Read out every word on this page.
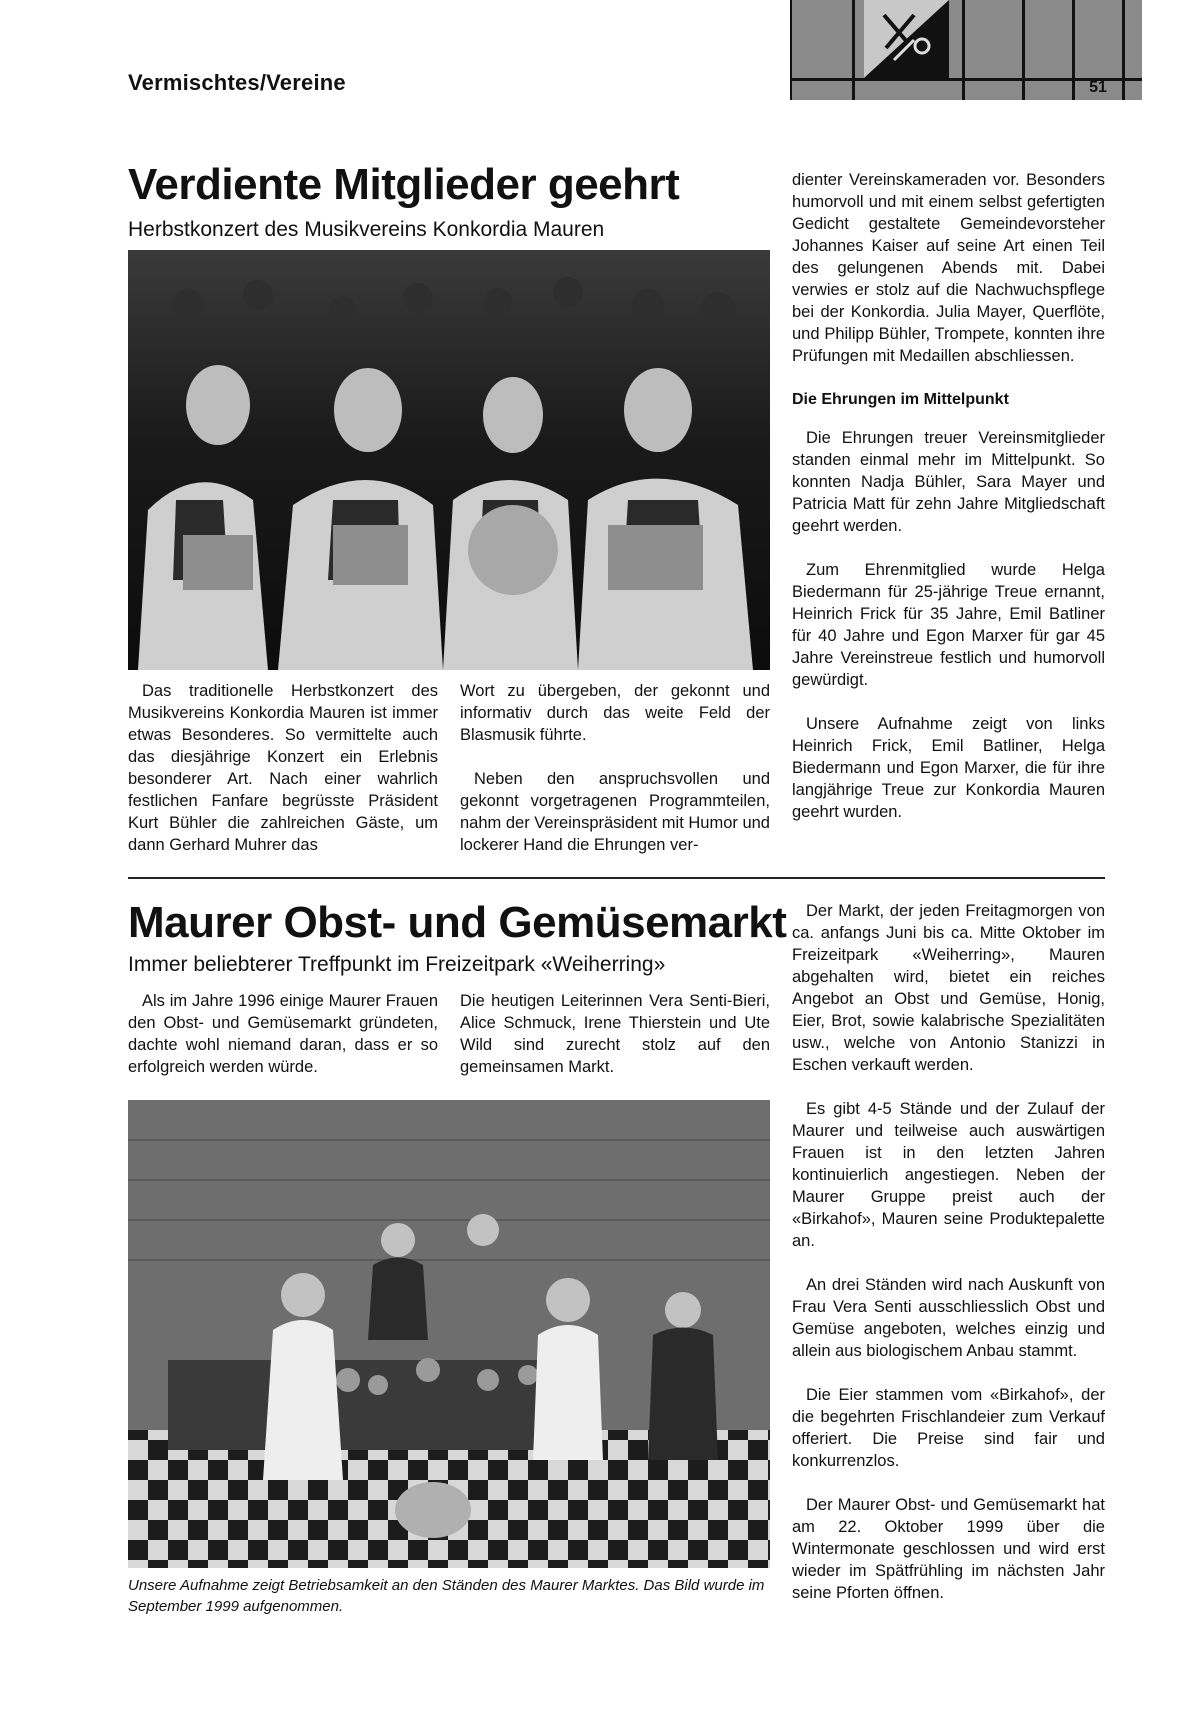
Vermischtes/Vereine	51
Verdiente Mitglieder geehrt

Herbstkonzert des Musikvereins Konkordia Mauren

Das traditionelle Herbstkonzert des Musikvereins Konkordia Mauren ist immer etwas Besonderes. So vermittelte auch das diesjährige Konzert ein Erlebnis besonderer Art. Nach einer wahrlich festlichen Fanfare begrüsste Präsident Kurt Bühler die zahlreichen Gäste, um dann Gerhard Muhrer das

Wort zu übergeben, der gekonnt und informativ durch das weite Feld der Blasmusik führte.

Neben den anspruchsvollen und gekonnt vorgetragenen Programmteilen, nahm der Vereinspräsident mit Humor und lockerer Hand die Ehrungen ver-

dienter Vereinskameraden vor. Besonders humorvoll und mit einem selbst gefertigten Gedicht gestaltete Gemeindevorsteher Johannes Kaiser auf seine Art einen Teil des gelungenen Abends mit. Dabei verwies er stolz auf die Nachwuchspflege bei der Konkordia. Julia Mayer, Querflöte, und Philipp Bühler, Trompete, konnten ihre Prüfungen mit Medaillen abschliessen.

Die Ehrungen im Mittelpunkt

Die Ehrungen treuer Vereinsmitglieder standen einmal mehr im Mittelpunkt. So konnten Nadja Bühler, Sara Mayer und Patricia Matt für zehn Jahre Mitgliedschaft geehrt werden.

Zum Ehrenmitglied wurde Helga Biedermann für 25-jährige Treue ernannt, Heinrich Frick für 35 Jahre, Emil Batliner für 40 Jahre und Egon Marxer für gar 45 Jahre Vereinstreue festlich und humorvoll gewürdigt.

Unsere Aufnahme zeigt von links Heinrich Frick, Emil Batliner, Helga Biedermann und Egon Marxer, die für ihre langjährige Treue zur Konkordia Mauren geehrt wurden.

Maurer Obst- und Gemüsemarkt

Immer beliebterer Treffpunkt im Freizeitpark «Weiherring»

Als im Jahre 1996 einige Maurer Frauen den Obst- und Gemüsemarkt gründeten, dachte wohl niemand daran, dass er so erfolgreich werden würde.

Die heutigen Leiterinnen Vera Senti-Bieri, Alice Schmuck, Irene Thierstein und Ute Wild sind zurecht stolz auf den gemeinsamen Markt.

Unsere Aufnahme zeigt Betriebsamkeit an den Ständen des Maurer Marktes. Das Bild wurde im September 1999 aufgenommen.

Der Markt, der jeden Freitagmorgen von ca. anfangs Juni bis ca. Mitte Oktober im Freizeitpark «Weiherring», Mauren abgehalten wird, bietet ein reiches Angebot an Obst und Gemüse, Honig, Eier, Brot, sowie kalabrische Spezialitäten usw., welche von Antonio Stanizzi in Eschen verkauft werden.

Es gibt 4-5 Stände und der Zulauf der Maurer und teilweise auch auswärtigen Frauen ist in den letzten Jahren kontinuierlich angestiegen. Neben der Maurer Gruppe preist auch der «Birkahof», Mauren seine Produktepalette an.

An drei Ständen wird nach Auskunft von Frau Vera Senti ausschliesslich Obst und Gemüse angeboten, welches einzig und allein aus biologischem Anbau stammt.

Die Eier stammen vom «Birkahof», der die begehrten Frischlandeier zum Verkauf offeriert. Die Preise sind fair und konkurrenzlos.

Der Maurer Obst- und Gemüsemarkt hat am 22. Oktober 1999 über die Wintermonate geschlossen und wird erst wieder im Spätfrühling im nächsten Jahr seine Pforten öffnen.
